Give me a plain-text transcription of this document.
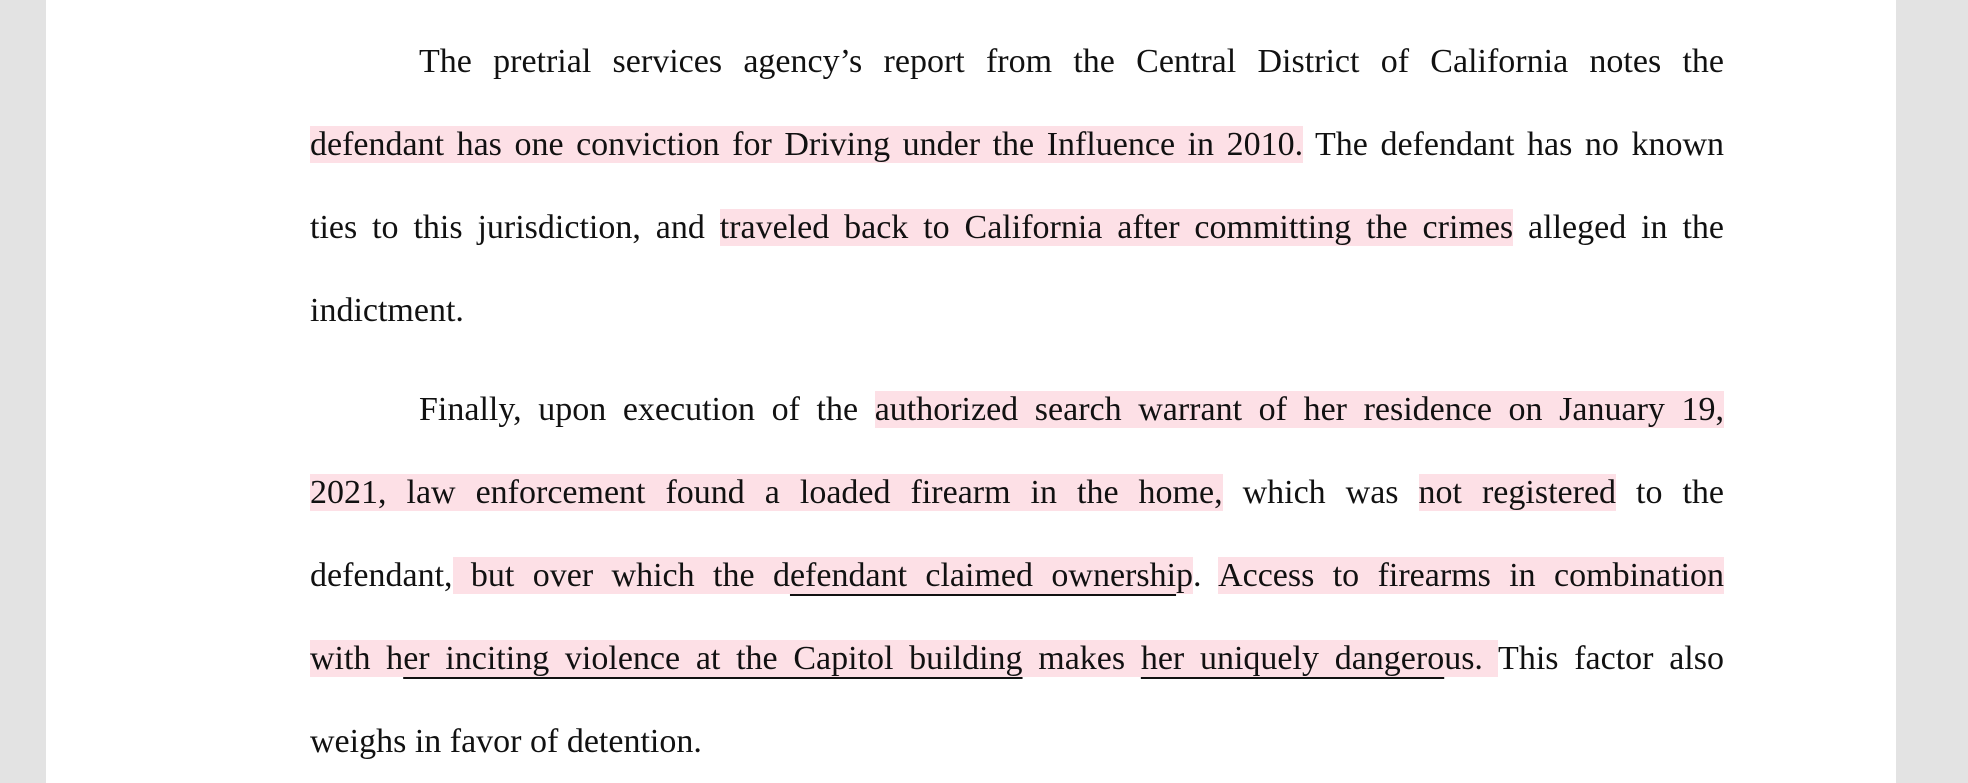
The pretrial services agency’s report from the Central District of California notes the
defendant has one conviction for Driving under the Influence in 2010. The defendant has no known
ties to this jurisdiction, and traveled back to California after committing the crimes alleged in the
indictment.
Finally, upon execution of the authorized search warrant of her residence on January 19,
2021, law enforcement found a loaded firearm in the home, which was not registered to the
defendant, but over which the defendant claimed ownership. Access to firearms in combination
with her inciting violence at the Capitol building makes her uniquely dangerous. This factor also
weighs in favor of detention.
